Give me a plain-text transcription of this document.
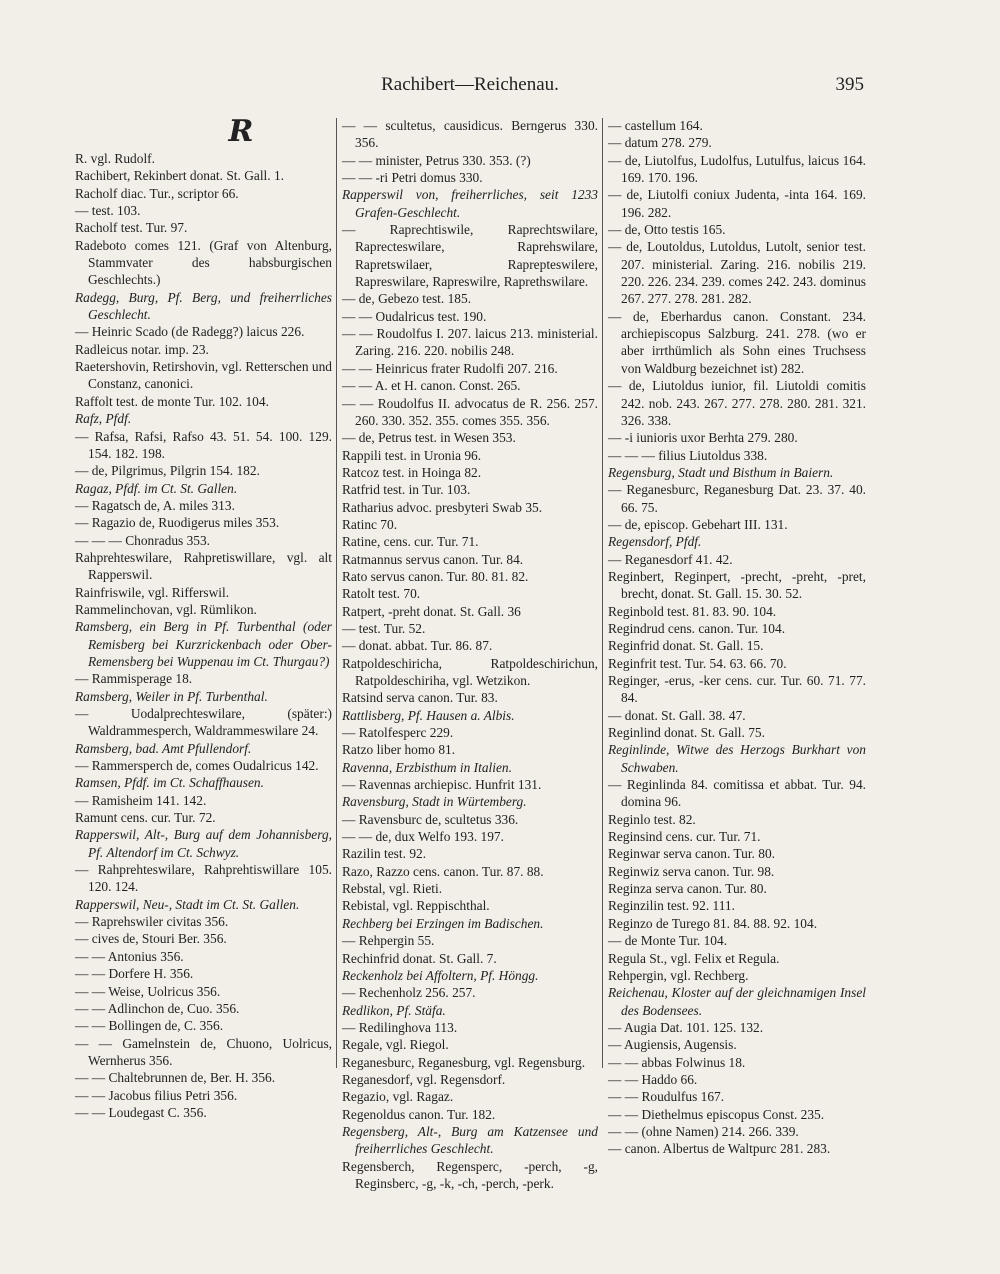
Rachibert—Reichenau.	395
R

R. vgl. Rudolf.

Rachibert, Rekinbert donat. St. Gall. 1.

Racholf diac. Tur., scriptor 66.

— test. 103.

Racholf test. Tur. 97.

Radeboto comes 121. (Graf von Altenburg, Stammvater des habsburgischen Geschlechts.)

Radegg, Burg, Pf. Berg, und freiherrliches Geschlecht.

— Heinric Scado (de Radegg?) laicus 226.

Radleicus notar. imp. 23.

Raetershovin, Retirshovin, vgl. Retterschen und Constanz, canonici.

Raffolt test. de monte Tur. 102. 104.

Rafz, Pfdf.

— Rafsa, Rafsi, Rafso 43. 51. 54. 100. 129. 154. 182. 198.

— de, Pilgrimus, Pilgrin 154. 182.

Ragaz, Pfdf. im Ct. St. Gallen.

— Ragatsch de, A. miles 313.

— Ragazio de, Ruodigerus miles 353.

— — — Chonradus 353.

Rahprehteswilare, Rahpretiswillare, vgl. alt Rapperswil.

Rainfriswile, vgl. Rifferswil.

Rammelinchovan, vgl. Rümlikon.

Ramsberg, ein Berg in Pf. Turbenthal (oder Remisberg bei Kurzrickenbach oder Ober-Remensberg bei Wuppenau im Ct. Thurgau?)

— Rammisperage 18.

Ramsberg, Weiler in Pf. Turbenthal.

— Uodalprechteswilare, (später:) Waldrammesperch, Waldrammeswilare 24.

Ramsberg, bad. Amt Pfullendorf.

— Rammersperch de, comes Oudalricus 142.

Ramsen, Pfdf. im Ct. Schaffhausen.

— Ramisheim 141. 142.

Ramunt cens. cur. Tur. 72.

Rapperswil, Alt-, Burg auf dem Johannisberg, Pf. Altendorf im Ct. Schwyz.

— Rahprehteswilare, Rahprehtiswillare 105. 120. 124.

Rapperswil, Neu-, Stadt im Ct. St. Gallen.

— Raprehswiler civitas 356.

— cives de, Stouri Ber. 356.

— — Antonius 356.

— — Dorfere H. 356.

— — Weise, Uolricus 356.

— — Adlinchon de, Cuo. 356.

— — Bollingen de, C. 356.

— — Gamelnstein de, Chuono, Uolricus, Wernherus 356.

— — Chaltebrunnen de, Ber. H. 356.

— — Jacobus filius Petri 356.

— — Loudegast C. 356.

— — scultetus, causidicus. Berngerus 330. 356.

— — minister, Petrus 330. 353. (?)

— — -ri Petri domus 330.

Rapperswil von, freiherrliches, seit 1233 Grafen-Geschlecht.

— Raprechtiswile, Raprechtswilare, Raprecteswilare, Raprehswilare, Rapretswilaer, Raprepteswilere, Rapreswilare, Rapreswilre, Raprethswilare.

— de, Gebezo test. 185.

— — Oudalricus test. 190.

— — Roudolfus I. 207. laicus 213. ministerial. Zaring. 216. 220. nobilis 248.

— — Heinricus frater Rudolfi 207. 216.

— — A. et H. canon. Const. 265.

— — Roudolfus II. advocatus de R. 256. 257. 260. 330. 352. 355. comes 355. 356.

— de, Petrus test. in Wesen 353.

Rappili test. in Uronia 96.

Ratcoz test. in Hoinga 82.

Ratfrid test. in Tur. 103.

Ratharius advoc. presbyteri Swab 35.

Ratinc 70.

Ratine, cens. cur. Tur. 71.

Ratmannus servus canon. Tur. 84.

Rato servus canon. Tur. 80. 81. 82.

Ratolt test. 70.

Ratpert, -preht donat. St. Gall. 36

— test. Tur. 52.

— donat. abbat. Tur. 86. 87.

Ratpoldeschiricha, Ratpoldeschirichun, Ratpoldeschiriha, vgl. Wetzikon.

Ratsind serva canon. Tur. 83.

Rattlisberg, Pf. Hausen a. Albis.

— Ratolfesperc 229.

Ratzo liber homo 81.

Ravenna, Erzbisthum in Italien.

— Ravennas archiepisc. Hunfrit 131.

Ravensburg, Stadt in Würtemberg.

— Ravensburc de, scultetus 336.

— — de, dux Welfo 193. 197.

Razilin test. 92.

Razo, Razzo cens. canon. Tur. 87. 88.

Rebstal, vgl. Rieti.

Rebistal, vgl. Reppischthal.

Rechberg bei Erzingen im Badischen.

— Rehpergin 55.

Rechinfrid donat. St. Gall. 7.

Reckenholz bei Affoltern, Pf. Höngg.

— Rechenholz 256. 257.

Redlikon, Pf. Stäfa.

— Redilinghova 113.

Regale, vgl. Riegol.

Reganesburc, Reganesburg, vgl. Regensburg.

Reganesdorf, vgl. Regensdorf.

Regazio, vgl. Ragaz.

Regenoldus canon. Tur. 182.

Regensberg, Alt-, Burg am Katzensee und freiherrliches Geschlecht.

Regensberch, Regensperc, -perch, -g, Reginsberc, -g, -k, -ch, -perch, -perk.

— castellum 164.

— datum 278. 279.

— de, Liutolfus, Ludolfus, Lutulfus, laicus 164. 169. 170. 196.

— de, Liutolfi coniux Judenta, -inta 164. 169. 196. 282.

— de, Otto testis 165.

— de, Loutoldus, Lutoldus, Lutolt, senior test. 207. ministerial. Zaring. 216. nobilis 219. 220. 226. 234. 239. comes 242. 243. dominus 267. 277. 278. 281. 282.

— de, Eberhardus canon. Constant. 234. archiepiscopus Salzburg. 241. 278. (wo er aber irrthümlich als Sohn eines Truchsess von Waldburg bezeichnet ist) 282.

— de, Liutoldus iunior, fil. Liutoldi comitis 242. nob. 243. 267. 277. 278. 280. 281. 321. 326. 338.

— -i iunioris uxor Berhta 279. 280.

— — — filius Liutoldus 338.

Regensburg, Stadt und Bisthum in Baiern.

— Reganesburc, Reganesburg Dat. 23. 37. 40. 66. 75.

— de, episcop. Gebehart III. 131.

Regensdorf, Pfdf.

— Reganesdorf 41. 42.

Reginbert, Reginpert, -precht, -preht, -pret, brecht, donat. St. Gall. 15. 30. 52.

Reginbold test. 81. 83. 90. 104.

Regindrud cens. canon. Tur. 104.

Reginfrid donat. St. Gall. 15.

Reginfrit test. Tur. 54. 63. 66. 70.

Reginger, -erus, -ker cens. cur. Tur. 60. 71. 77. 84.

— donat. St. Gall. 38. 47.

Reginlind donat. St. Gall. 75.

Reginlinde, Witwe des Herzogs Burkhart von Schwaben.

— Reginlinda 84. comitissa et abbat. Tur. 94. domina 96.

Reginlo test. 82.

Reginsind cens. cur. Tur. 71.

Reginwar serva canon. Tur. 80.

Reginwiz serva canon. Tur. 98.

Reginza serva canon. Tur. 80.

Reginzilin test. 92. 111.

Reginzo de Turego 81. 84. 88. 92. 104.

— de Monte Tur. 104.

Regula St., vgl. Felix et Regula.

Rehpergin, vgl. Rechberg.

Reichenau, Kloster auf der gleichnamigen Insel des Bodensees.

— Augia Dat. 101. 125. 132.

— Augiensis, Augensis.

— — abbas Folwinus 18.

— — Haddo 66.

— — Roudulfus 167.

— — Diethelmus episcopus Const. 235.

— — (ohne Namen) 214. 266. 339.

— canon. Albertus de Waltpurc 281. 283.
